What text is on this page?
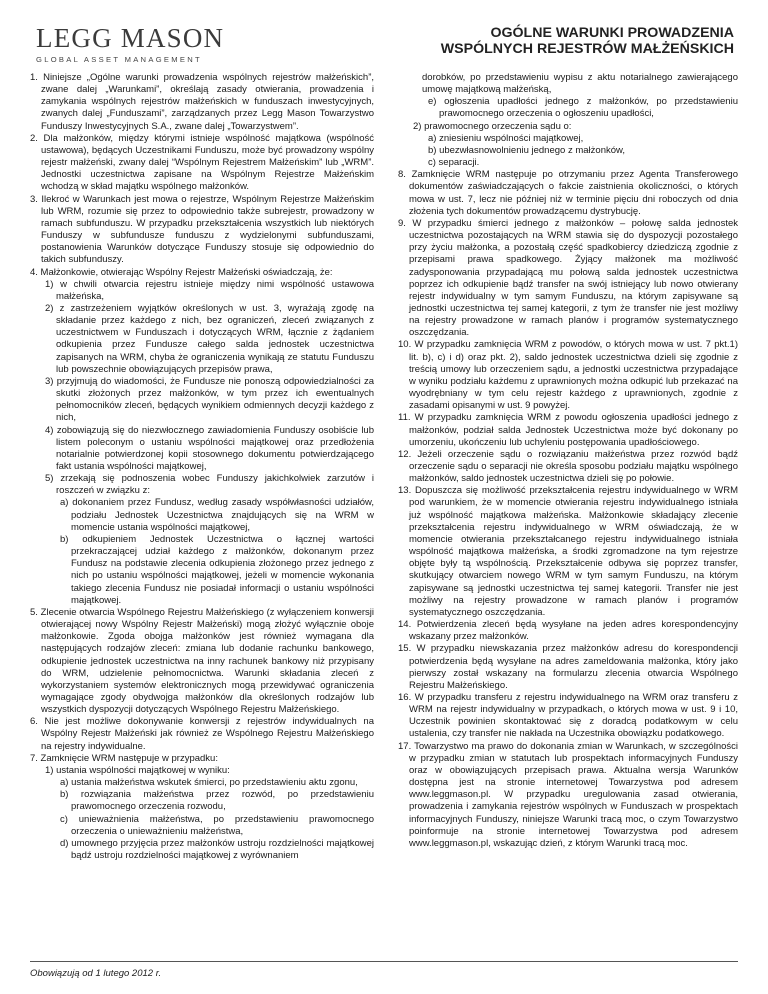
LEGG MASON
GLOBAL ASSET MANAGEMENT
OGÓLNE WARUNKI PROWADZENIA
WSPÓLNYCH REJESTRÓW MAŁŻEŃSKICH

1. Niniejsze „Ogólne warunki prowadzenia wspólnych rejestrów małżeńskich”, zwane dalej „Warunkami”, określają zasady otwierania, prowadzenia i zamykania wspólnych rejestrów małżeńskich w funduszach inwestycyjnych, zwanych dalej „Funduszami”, zarządzanych przez Legg Mason Towarzystwo Funduszy Inwestycyjnych S.A., zwane dalej „Towarzystwem”.

2. Dla małżonków, między którymi istnieje wspólność majątkowa (wspólność ustawowa), będących Uczestnikami Funduszu, może być prowadzony wspólny rejestr małżeński, zwany dalej “Wspólnym Rejestrem Małżeńskim” lub „WRM”. Jednostki uczestnictwa zapisane na Wspólnym Rejestrze Małżeńskim wchodzą w skład majątku wspólnego małżonków.

3. Ilekroć w Warunkach jest mowa o rejestrze, Wspólnym Rejestrze Małżeńskim lub WRM, rozumie się przez to odpowiednio także subrejestr, prowadzony w ramach subfunduszu. W przypadku przekształcenia wszystkich lub niektórych Funduszy w subfundusze funduszu z wydzielonymi subfunduszami, postanowienia Warunków dotyczące Funduszy stosuje się odpowiednio do takich subfunduszy.

4. Małżonkowie, otwierając Wspólny Rejestr Małżeński oświadczają, że:

1) w chwili otwarcia rejestru istnieje między nimi wspólność ustawowa małżeńska,

2) z zastrzeżeniem wyjątków określonych w ust. 3, wyrażają zgodę na składanie przez każdego z nich, bez ograniczeń, zleceń związanych z uczestnictwem w Funduszach i dotyczących WRM, łącznie z żądaniem odkupienia przez Fundusze całego salda jednostek uczestnictwa zapisanych na WRM, chyba że ograniczenia wynikają ze statutu Funduszu lub powszechnie obowiązujących przepisów prawa,

3) przyjmują do wiadomości, że Fundusze nie ponoszą odpowiedzialności za skutki złożonych przez małżonków, w tym przez ich ewentualnych pełnomocników zleceń, będących wynikiem odmiennych decyzji każdego z nich,

4) zobowiązują się do niezwłocznego zawiadomienia Funduszy osobiście lub listem poleconym o ustaniu wspólności majątkowej oraz przedłożenia notarialnie potwierdzonej kopii stosownego dokumentu potwierdzającego fakt ustania wspólności majątkowej,

5) zrzekają się podnoszenia wobec Funduszy jakichkolwiek zarzutów i roszczeń w związku z:

a) dokonaniem przez Fundusz, według zasady współwłasności udziałów, podziału Jednostek Uczestnictwa znajdujących się na WRM w momencie ustania wspólności majątkowej,

b) odkupieniem Jednostek Uczestnictwa o łącznej wartości przekraczającej udział każdego z małżonków, dokonanym przez Fundusz na podstawie zlecenia odkupienia złożonego przez jednego z nich po ustaniu wspólności majątkowej, jeżeli w momencie wykonania takiego zlecenia Fundusz nie posiadał informacji o ustaniu wspólności majątkowej.

5. Zlecenie otwarcia Wspólnego Rejestru Małżeńskiego (z wyłączeniem konwersji otwierającej nowy Wspólny Rejestr Małżeński) mogą złożyć wyłącznie oboje małżonkowie. Zgoda obojga małżonków jest również wymagana dla następujących rodzajów zleceń: zmiana lub dodanie rachunku bankowego, odkupienie jednostek uczestnictwa na inny rachunek bankowy niż przypisany do WRM, udzielenie pełnomocnictwa. Warunki składania zleceń z wykorzystaniem systemów elektronicznych mogą przewidywać ograniczenia wymagające zgody obydwojga małżonków dla określonych rodzajów lub wszystkich dyspozycji dotyczących Wspólnego Rejestru Małżeńskiego.

6. Nie jest możliwe dokonywanie konwersji z rejestrów indywidualnych na Wspólny Rejestr Małżeński jak również ze Wspólnego Rejestru Małżeńskiego na rejestry indywidualne.

7. Zamknięcie WRM następuje w przypadku:

1) ustania wspólności majątkowej w wyniku:

a) ustania małżeństwa wskutek śmierci, po przedstawieniu aktu zgonu,

b) rozwiązania małżeństwa przez rozwód, po przedstawieniu prawomocnego orzeczenia rozwodu,

c) unieważnienia małżeństwa, po przedstawieniu prawomocnego orzeczenia o unieważnieniu małżeństwa,

d) umownego przyjęcia przez małżonków ustroju rozdzielności majątkowej bądź ustroju rozdzielności majątkowej z wyrównaniem

dorobków, po przedstawieniu wypisu z aktu notarialnego zawierającego umowę majątkową małżeńską,

e) ogłoszenia upadłości jednego z małżonków, po przedstawieniu prawomocnego orzeczenia o ogłoszeniu upadłości,

2) prawomocnego orzeczenia sądu o:

a) zniesieniu wspólności majątkowej,

b) ubezwłasnowolnieniu jednego z małżonków,

c) separacji.

8. Zamknięcie WRM następuje po otrzymaniu przez Agenta Transferowego dokumentów zaświadczających o fakcie zaistnienia okoliczności, o których mowa w ust. 7, lecz nie później niż w terminie pięciu dni roboczych od dnia złożenia tych dokumentów prowadzącemu dystrybucję.

9. W przypadku śmierci jednego z małżonków – połowę salda jednostek uczestnictwa pozostających na WRM stawia się do dyspozycji pozostałego przy życiu małżonka, a pozostałą część spadkobiercy dziedziczą zgodnie z przepisami prawa spadkowego. Żyjący małżonek ma możliwość zadysponowania przypadającą mu połową salda jednostek uczestnictwa poprzez ich odkupienie bądź transfer na swój istniejący lub nowo otwierany rejestr indywidualny w tym samym Funduszu, na którym zapisywane są jednostki uczestnictwa tej samej kategorii, z tym że transfer nie jest możliwy na rejestry prowadzone w ramach planów i programów systematycznego oszczędzania.

10. W przypadku zamknięcia WRM z powodów, o których mowa w ust. 7 pkt.1) lit. b), c) i d) oraz pkt. 2), saldo jednostek uczestnictwa dzieli się zgodnie z treścią umowy lub orzeczeniem sądu, a jednostki uczestnictwa przypadające w wyniku podziału każdemu z uprawnionych można odkupić lub przekazać na wyodrębniany w tym celu rejestr każdego z uprawnionych, zgodnie z zasadami opisanymi w ust. 9 powyżej.

11. W przypadku zamknięcia WRM z powodu ogłoszenia upadłości jednego z małżonków, podział salda Jednostek Uczestnictwa może być dokonany po umorzeniu, ukończeniu lub uchyleniu postępowania upadłościowego.

12. Jeżeli orzeczenie sądu o rozwiązaniu małżeństwa przez rozwód bądź orzeczenie sądu o separacji nie określa sposobu podziału majątku wspólnego małżonków, saldo jednostek uczestnictwa dzieli się po połowie.

13. Dopuszcza się możliwość przekształcenia rejestru indywidualnego w WRM pod warunkiem, że w momencie otwierania rejestru indywidualnego istniała już wspólność majątkowa małżeńska. Małżonkowie składający zlecenie przekształcenia rejestru indywidualnego w WRM oświadczają, że w momencie otwierania przekształcanego rejestru indywidualnego istniała wspólność majątkowa małżeńska, a środki zgromadzone na tym rejestrze objęte były tą wspólnością. Przekształcenie odbywa się poprzez transfer, skutkujący otwarciem nowego WRM w tym samym Funduszu, na którym zapisywane są jednostki uczestnictwa tej samej kategorii. Transfer nie jest możliwy na rejestry prowadzone w ramach planów i programów systematycznego oszczędzania.

14. Potwierdzenia zleceń będą wysyłane na jeden adres korespondencyjny wskazany przez małżonków.

15. W przypadku niewskazania przez małżonków adresu do korespondencji potwierdzenia będą wysyłane na adres zameldowania małżonka, który jako pierwszy został wskazany na formularzu zlecenia otwarcia Wspólnego Rejestru Małżeńskiego.

16. W przypadku transferu z rejestru indywidualnego na WRM oraz transferu z WRM na rejestr indywidualny w przypadkach, o których mowa w ust. 9 i 10, Uczestnik powinien skontaktować się z doradcą podatkowym w celu ustalenia, czy transfer nie nakłada na Uczestnika obowiązku podatkowego.

17. Towarzystwo ma prawo do dokonania zmian w Warunkach, w szczególności w przypadku zmian w statutach lub prospektach informacyjnych Funduszy oraz w obowiązujących przepisach prawa. Aktualna wersja Warunków dostępna jest na stronie internetowej Towarzystwa pod adresem www.leggmason.pl. W przypadku uregulowania zasad otwierania, prowadzenia i zamykania rejestrów wspólnych w Funduszach w prospektach informacyjnych Funduszy, niniejsze Warunki tracą moc, o czym Towarzystwo poinformuje na stronie internetowej Towarzystwa pod adresem www.leggmason.pl, wskazując dzień, z którym Warunki tracą moc.

Obowiązują od 1 lutego 2012 r.
